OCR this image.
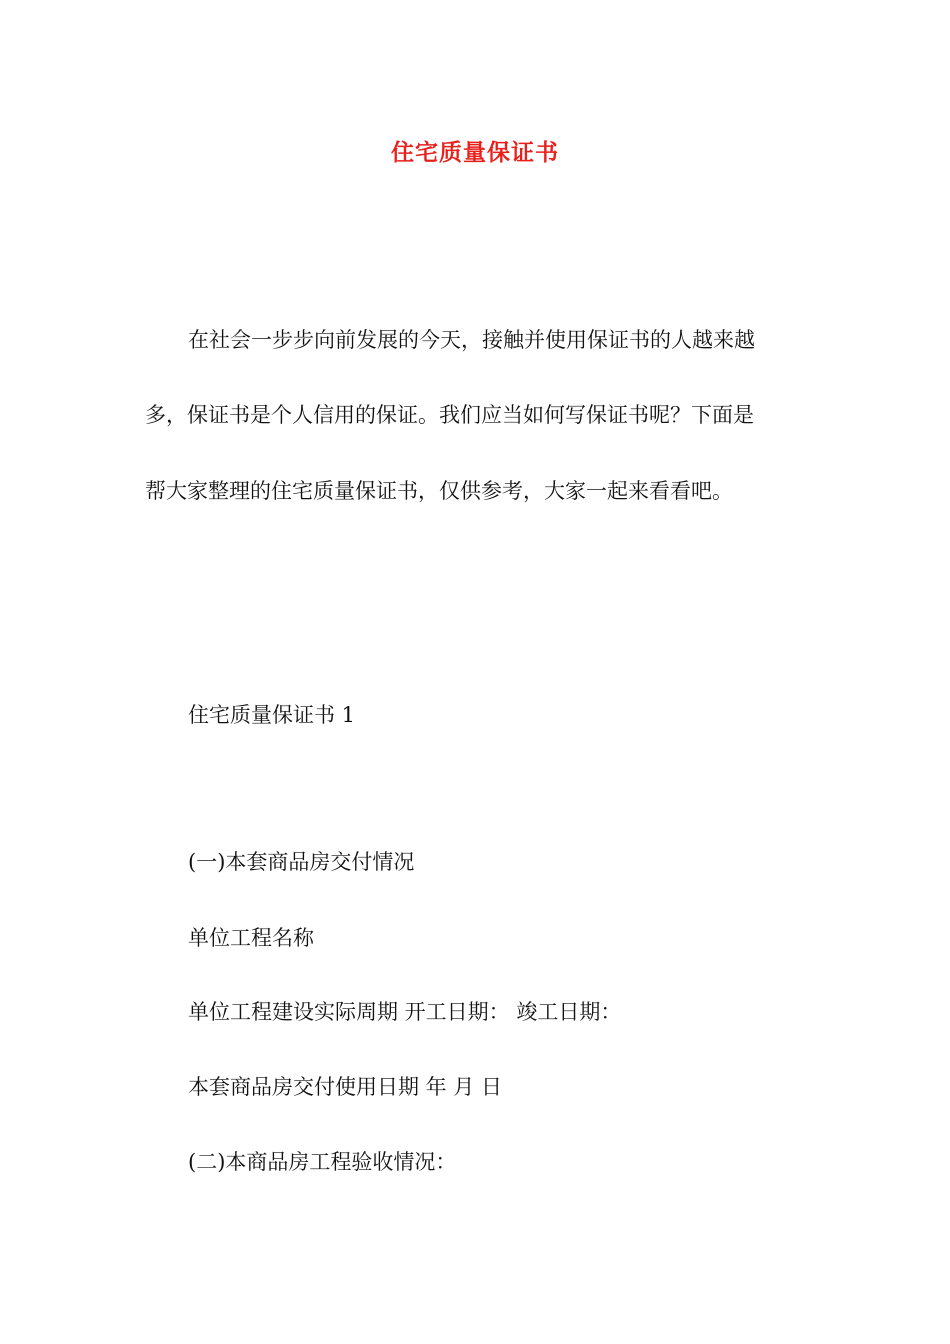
住宅质量保证书
在社会一步步向前发展的今天，接触并使用保证书的人越来越
多，保证书是个人信用的保证。我们应当如何写保证书呢？下面是
帮大家整理的住宅质量保证书，仅供参考，大家一起来看看吧。
住宅质量保证书 1
(一)本套商品房交付情况
单位工程名称
单位工程建设实际周期 开工日期： 竣工日期：
本套商品房交付使用日期 年 月 日
(二)本商品房工程验收情况：
